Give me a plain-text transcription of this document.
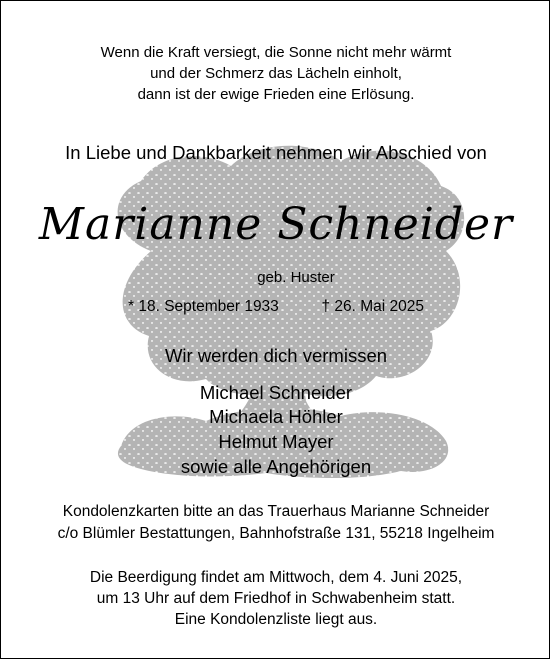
Wenn die Kraft versiegt, die Sonne nicht mehr wärmt
und der Schmerz das Lächeln einholt,
dann ist der ewige Frieden eine Erlösung.
In Liebe und Dankbarkeit nehmen wir Abschied von
Marianne Schneider
geb. Huster
* 18. September 1933	† 26. Mai 2025
Wir werden dich vermissen
Michael Schneider
Michaela Höhler
Helmut Mayer
sowie alle Angehörigen
Kondolenzkarten bitte an das Trauerhaus Marianne Schneider
c/o Blümler Bestattungen, Bahnhofstraße 131, 55218 Ingelheim
Die Beerdigung findet am Mittwoch, dem 4. Juni 2025,
um 13 Uhr auf dem Friedhof in Schwabenheim statt.
Eine Kondolenzliste liegt aus.
